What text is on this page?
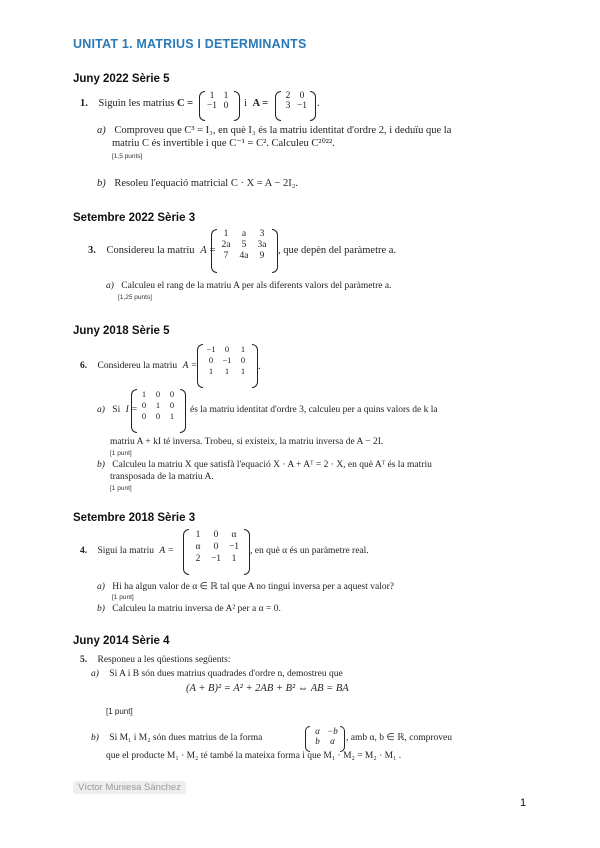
UNITAT 1. MATRIUS I DETERMINANTS
Juny 2022 Sèrie 5
1. Siguin les matrius C =
1 1
−1 0	i A =
2 0
3 −1 .
a) Comproveu que C³ = I₃, en què I₃ és la matriu identitat d'ordre 2, i deduïu que la
matriu C és invertible i que C⁻¹ = C². Calculeu C²⁰²².
[1,5 punts]
b) Resoleu l'equació matricial C · X = A − 2I₂.
Setembre 2022 Sèrie 3
3. Considereu la matriu A =
1	a	3
2a	5	3a
7	4a	9	, que depèn del paràmetre a.
a) Calculeu el rang de la matriu A per als diferents valors del paràmetre a.
[1,25 punts]
Juny 2018 Sèrie 5
6. Considereu la matriu A =
−1	0	1
0	−1	0
1	1	1	.
a) Si I =
1	0	0
0	1	0
0	0	1
és la matriu identitat d'ordre 3, calculeu per a quins valors de k la
matriu A + kI té inversa. Trobeu, si existeix, la matriu inversa de A − 2I.
[1 punt]
b) Calculeu la matriu X que satisfà l'equació X · A + Aᵀ = 2 · X, en què Aᵀ és la matriu
transposada de la matriu A.
[1 punt]
Setembre 2018 Sèrie 3
4. Sigui la matriu A =
1	0	α
α	0	−1
2	−1	1
, en què α és un paràmetre real.
a) Hi ha algun valor de α ∈ ℝ tal que A no tingui inversa per a aquest valor?
[1 punt]
b) Calculeu la matriu inversa de A² per a α = 0.
Juny 2014 Sèrie 4
5. Responeu a les qüestions següents:
a) Si A i B són dues matrius quadrades d'ordre n, demostreu que
(A + B)² = A² + 2AB + B² ⇔ AB = BA
[1 punt]
b) Si M₁ i M₂ són dues matrius de la forma
α −b
b	α	, amb α, b ∈ ℝ, comproveu
que el producte M₁ · M₂ té també la mateixa forma i que M₁ · M₂ = M₂ · M₁ .
Víctor Muniesa Sánchez
1
